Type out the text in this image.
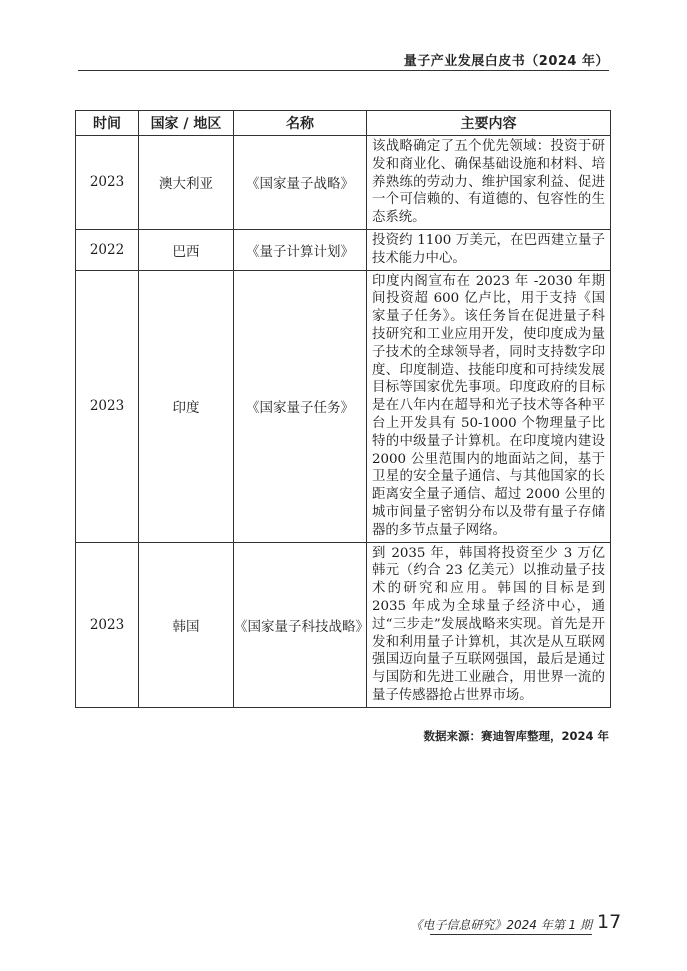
量子产业发展白皮书（2024 年）
时间	国家 / 地区	名称	主要内容
2023	澳大利亚	《国家量子战略》	该战略确定了五个优先领域：投资于研发和商业化、确保基础设施和材料、培养熟练的劳动力、维护国家利益、促进一个可信赖的、有道德的、包容性的生态系统。
2022	巴西	《量子计算计划》	投资约 1100 万美元，在巴西建立量子技术能力中心。
2023	印度	《国家量子任务》	印度内阁宣布在 2023 年 -2030 年期间投资超 600 亿卢比，用于支持《国家量子任务》。该任务旨在促进量子科技研究和工业应用开发，使印度成为量子技术的全球领导者，同时支持数字印度、印度制造、技能印度和可持续发展目标等国家优先事项。印度政府的目标是在八年内在超导和光子技术等各种平台上开发具有 50-1000 个物理量子比特的中级量子计算机。在印度境内建设 2000 公里范围内的地面站之间，基于卫星的安全量子通信、与其他国家的长距离安全量子通信、超过 2000 公里的城市间量子密钥分布以及带有量子存储器的多节点量子网络。
2023	韩国	《国家量子科技战略》	到 2035 年，韩国将投资至少 3 万亿韩元（约合 23 亿美元）以推动量子技术的研究和应用。韩国的目标是到 2035 年成为全球量子经济中心，通过“三步走”发展战略来实现。首先是开发和利用量子计算机，其次是从互联网强国迈向量子互联网强国，最后是通过与国防和先进工业融合，用世界一流的量子传感器抢占世界市场。
数据来源：赛迪智库整理，2024 年
《电子信息研究》2024 年第 1 期 17
